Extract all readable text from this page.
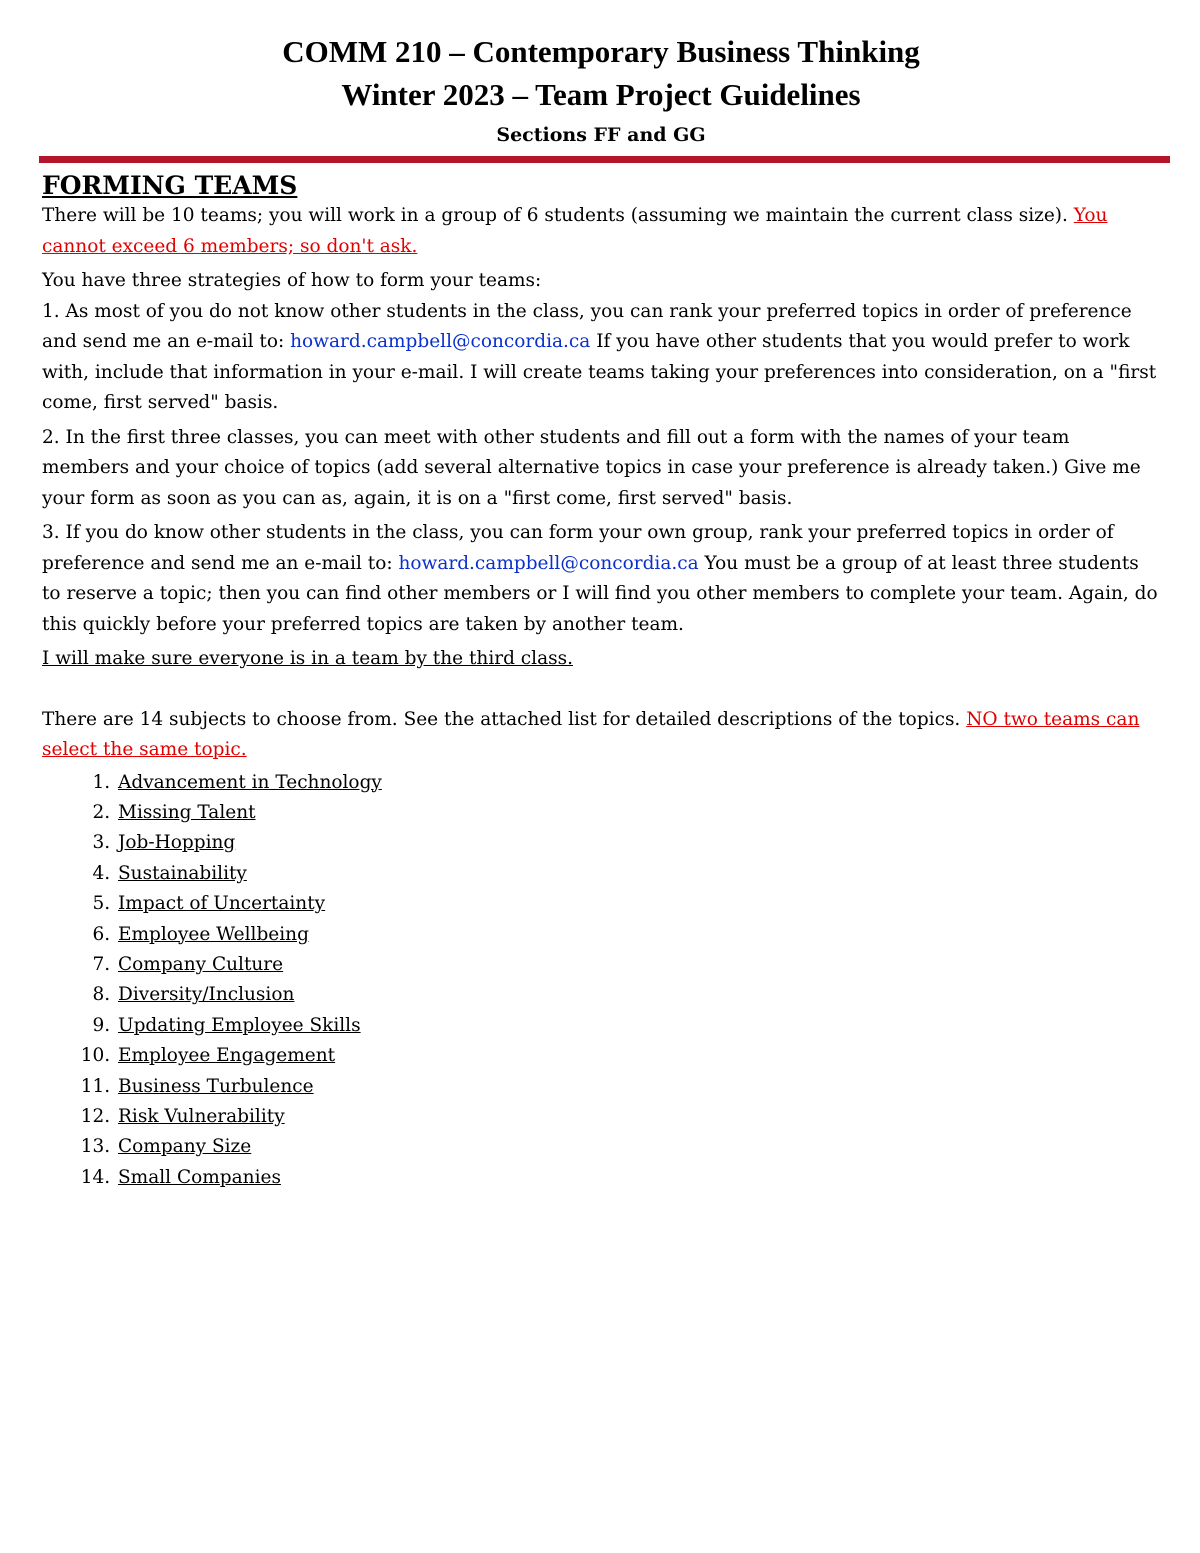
COMM 210 – Contemporary Business Thinking
Winter 2023 – Team Project Guidelines
Sections FF and GG
FORMING TEAMS

There will be 10 teams; you will work in a group of 6 students (assuming we maintain the current class size). You cannot exceed 6 members; so don't ask.

You have three strategies of how to form your teams:

1. As most of you do not know other students in the class, you can rank your preferred topics in order of preference and send me an e-mail to: howard.campbell@concordia.ca If you have other students that you would prefer to work with, include that information in your e-mail. I will create teams taking your preferences into consideration, on a "first come, first served" basis.

2. In the first three classes, you can meet with other students and fill out a form with the names of your team members and your choice of topics (add several alternative topics in case your preference is already taken.) Give me your form as soon as you can as, again, it is on a "first come, first served" basis.

3. If you do know other students in the class, you can form your own group, rank your preferred topics in order of preference and send me an e-mail to: howard.campbell@concordia.ca You must be a group of at least three students to reserve a topic; then you can find other members or I will find you other members to complete your team. Again, do this quickly before your preferred topics are taken by another team.

I will make sure everyone is in a team by the third class.

There are 14 subjects to choose from. See the attached list for detailed descriptions of the topics. NO two teams can select the same topic.

1. Advancement in Technology
2. Missing Talent
3. Job-Hopping
4. Sustainability
5. Impact of Uncertainty
6. Employee Wellbeing
7. Company Culture
8. Diversity/Inclusion
9. Updating Employee Skills
10. Employee Engagement
11. Business Turbulence
12. Risk Vulnerability
13. Company Size
14. Small Companies
